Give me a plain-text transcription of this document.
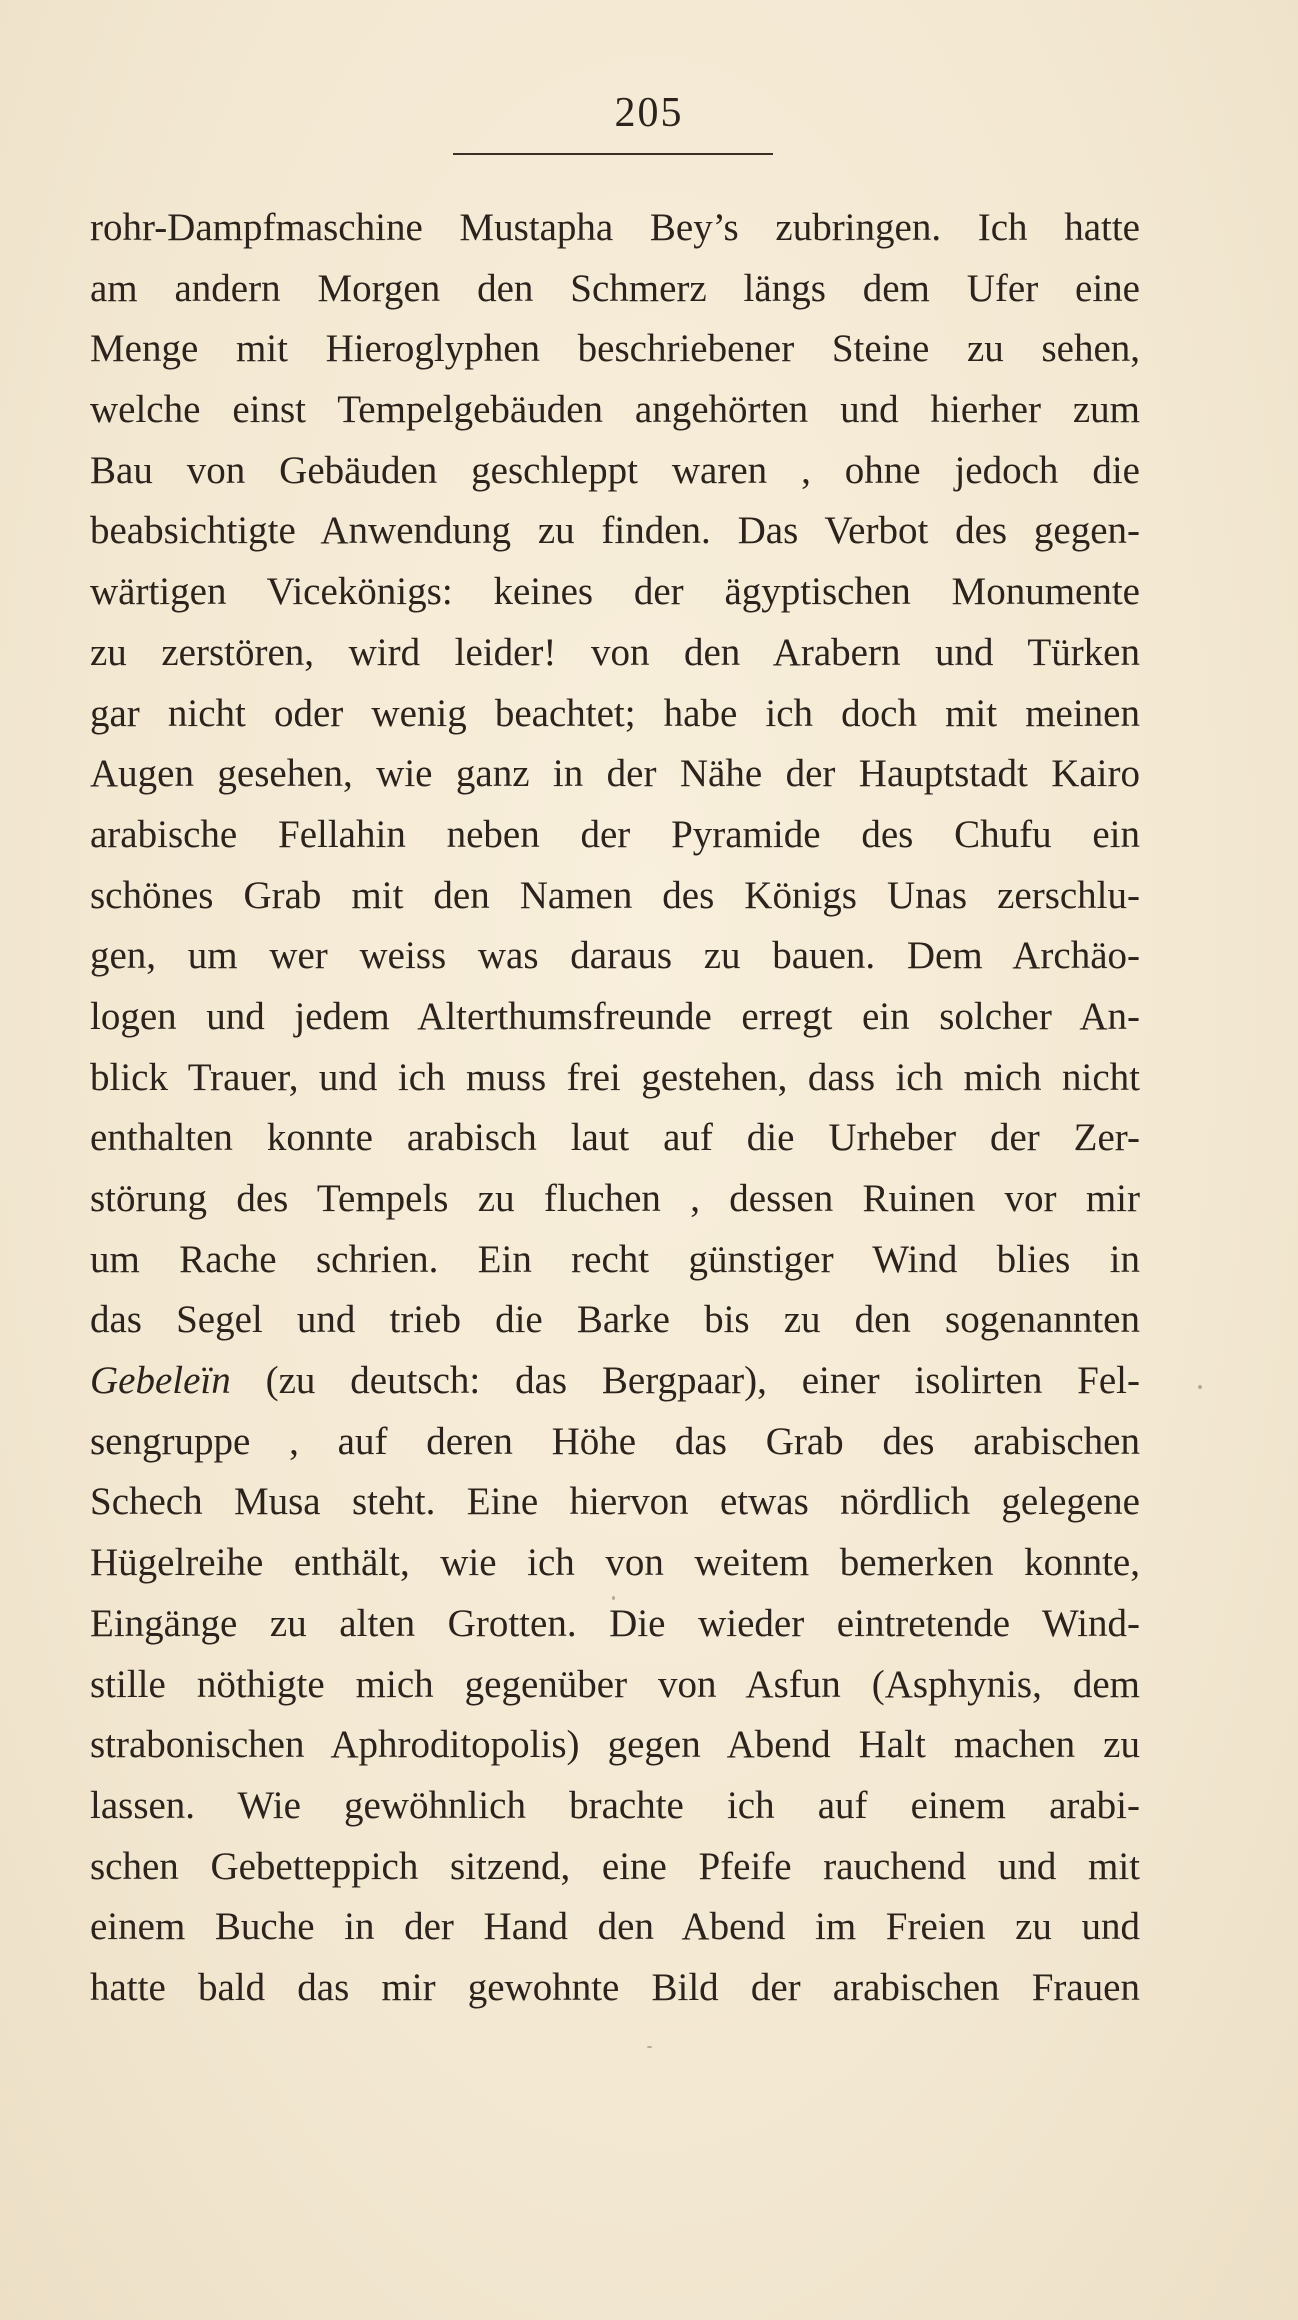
205
rohr-Dampfmaschine Mustapha Bey’s zubringen. Ich hatte
am andern Morgen den Schmerz längs dem Ufer eine
Menge mit Hieroglyphen beschriebener Steine zu sehen,
welche einst Tempelgebäuden angehörten und hierher zum
Bau von Gebäuden geschleppt waren , ohne jedoch die
beabsichtigte Anwendung zu finden. Das Verbot des gegen-
wärtigen Vicekönigs: keines der ägyptischen Monumente
zu zerstören, wird leider! von den Arabern und Türken
gar nicht oder wenig beachtet; habe ich doch mit meinen
Augen gesehen, wie ganz in der Nähe der Hauptstadt Kairo
arabische Fellahin neben der Pyramide des Chufu ein
schönes Grab mit den Namen des Königs Unas zerschlu-
gen, um wer weiss was daraus zu bauen. Dem Archäo-
logen und jedem Alterthumsfreunde erregt ein solcher An-
blick Trauer, und ich muss frei gestehen, dass ich mich nicht
enthalten konnte arabisch laut auf die Urheber der Zer-
störung des Tempels zu fluchen , dessen Ruinen vor mir
um Rache schrien. Ein recht günstiger Wind blies in
das Segel und trieb die Barke bis zu den sogenannten
Gebeleïn (zu deutsch: das Bergpaar), einer isolirten Fel-
sengruppe , auf deren Höhe das Grab des arabischen
Schech Musa steht. Eine hiervon etwas nördlich gelegene
Hügelreihe enthält, wie ich von weitem bemerken konnte,
Eingänge zu alten Grotten. Die wieder eintretende Wind-
stille nöthigte mich gegenüber von Asfun (Asphynis, dem
strabonischen Aphroditopolis) gegen Abend Halt machen zu
lassen. Wie gewöhnlich brachte ich auf einem arabi-
schen Gebetteppich sitzend, eine Pfeife rauchend und mit
einem Buche in der Hand den Abend im Freien zu und
hatte bald das mir gewohnte Bild der arabischen Frauen
